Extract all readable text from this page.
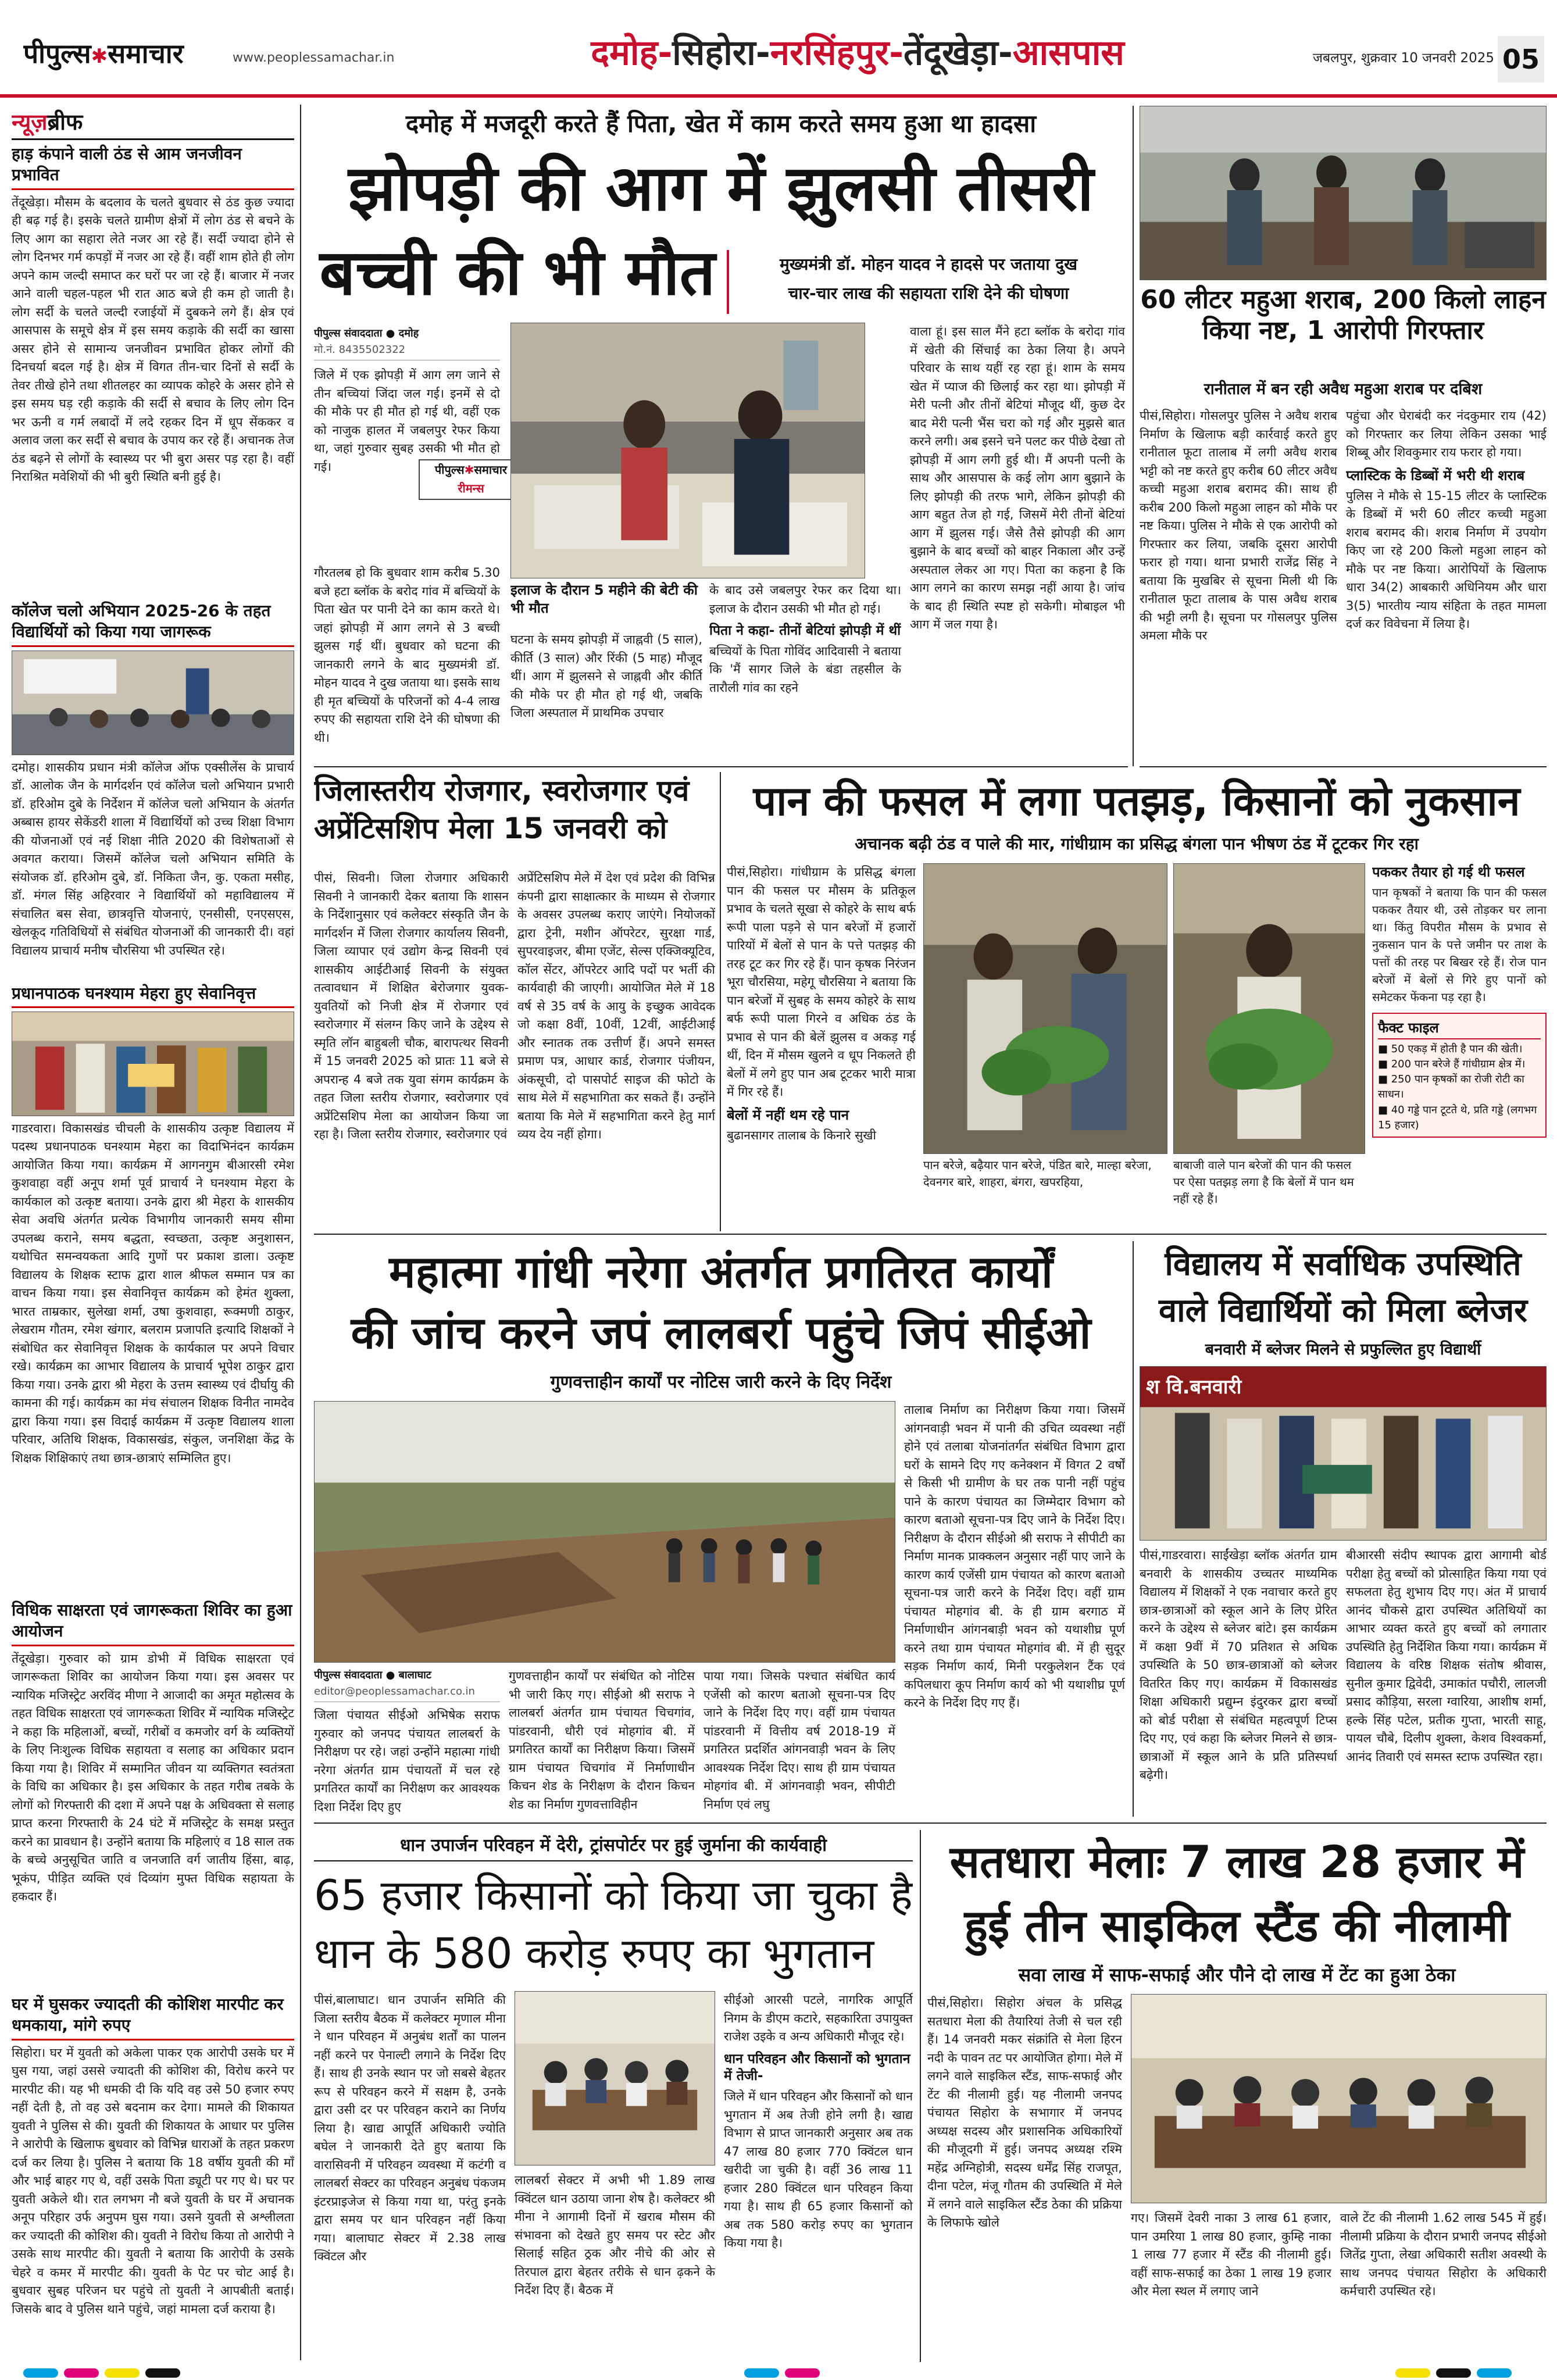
पीपुल्स✱समाचार	www.peoplessamachar.in	दमोह-सिहोरा-नरसिंहपुर-तेंदूखेड़ा-आसपास	जबलपुर, शुक्रवार 10 जनवरी 2025 05
न्यूज़ब्रीफ
हाड़ कंपाने वाली ठंड से आम जनजीवन प्रभावित
तेंदूखेड़ा। मौसम के बदलाव के चलते बुधवार से ठंड कुछ ज्यादा ही बढ़ गई है। इसके चलते ग्रामीण क्षेत्रों में लोग ठंड से बचने के लिए आग का सहारा लेते नजर आ रहे हैं। सर्दी ज्यादा होने से लोग दिनभर गर्म कपड़ों में नजर आ रहे हैं। वहीं शाम होते ही लोग अपने काम जल्दी समाप्त कर घरों पर जा रहे हैं। बाजार में नजर आने वाली चहल-पहल भी रात आठ बजे ही कम हो जाती है। लोग सर्दी के चलते जल्दी रजाईयों में दुबकने लगे हैं। क्षेत्र एवं आसपास के समूचे क्षेत्र में इस समय कड़ाके की सर्दी का खासा असर होने से सामान्य जनजीवन प्रभावित होकर लोगों की दिनचर्या बदल गई है। क्षेत्र में विगत तीन-चार दिनों से सर्दी के तेवर तीखे होने तथा शीतलहर का व्यापक कोहरे के असर होने से इस समय घड़ रही कड़ाके की सर्दी से बचाव के लिए लोग दिन भर ऊनी व गर्म लबादों में लदे रहकर दिन में धूप सेंककर व अलाव जला कर सर्दी से बचाव के उपाय कर रहे हैं। अचानक तेज ठंड बढ़ने से लोगों के स्वास्थ्य पर भी बुरा असर पड़ रहा है। वहीं निराश्रित मवेशियों की भी बुरी स्थिति बनी हुई है।
कॉलेज चलो अभियान 2025-26 के तहत विद्यार्थियों को किया गया जागरूक
दमोह। शासकीय प्रधान मंत्री कॉलेज ऑफ एक्सीलेंस के प्राचार्य डॉ. आलोक जैन के मार्गदर्शन एवं कॉलेज चलो अभियान प्रभारी डॉ. हरिओम दुबे के निर्देशन में कॉलेज चलो अभियान के अंतर्गत अब्बास हायर सेकेंडरी शाला में विद्यार्थियों को उच्च शिक्षा विभाग की योजनाओं एवं नई शिक्षा नीति 2020 की विशेषताओं से अवगत कराया। जिसमें कॉलेज चलो अभियान समिति के संयोजक डॉ. हरिओम दुबे, डॉ. निकिता जैन, कु. एकता मसीह, डॉ. मंगल सिंह अहिरवार ने विद्यार्थियों को महाविद्यालय में संचालित बस सेवा, छात्रवृत्ति योजनाएं, एनसीसी, एनएसएस, खेलकूद गतिविधियों से संबंधित योजनाओं की जानकारी दी। वहां विद्यालय प्राचार्य मनीष चौरसिया भी उपस्थित रहे।
प्रधानपाठक घनश्याम मेहरा हुए सेवानिवृत्त
गाडरवारा। विकासखंड चीचली के शासकीय उत्कृष्ट विद्यालय में पदस्थ प्रधानपाठक घनश्याम मेहरा का विदाभिनंदन कार्यक्रम आयोजित किया गया। कार्यक्रम में आगनगुम बीआरसी रमेश कुशवाहा वहीं अनूप शर्मा पूर्व प्राचार्य ने घनश्याम मेहरा के कार्यकाल को उत्कृष्ट बताया। उनके द्वारा श्री मेहरा के शासकीय सेवा अवधि अंतर्गत प्रत्येक विभागीय जानकारी समय सीमा उपलब्ध कराने, समय बद्धता, स्वच्छता, उत्कृष्ट अनुशासन, यथोचित समन्वयकता आदि गुणों पर प्रकाश डाला। उत्कृष्ट विद्यालय के शिक्षक स्टाफ द्वारा शाल श्रीफल सम्मान पत्र का वाचन किया गया। इस सेवानिवृत्त कार्यक्रम को हेमंत शुक्ला, भारत ताम्रकार, सुलेखा शर्मा, उषा कुशवाहा, रूक्मणी ठाकुर, लेखराम गौतम, रमेश खंगार, बलराम प्रजापति इत्यादि शिक्षकों ने संबोधित कर सेवानिवृत्त शिक्षक के कार्यकाल पर अपने विचार रखे। कार्यक्रम का आभार विद्यालय के प्राचार्य भूपेश ठाकुर द्वारा किया गया। उनके द्वारा श्री मेहरा के उत्तम स्वास्थ्य एवं दीर्घायु की कामना की गई। कार्यक्रम का मंच संचालन शिक्षक विनीत नामदेव द्वारा किया गया। इस विदाई कार्यक्रम में उत्कृष्ट विद्यालय शाला परिवार, अतिथि शिक्षक, विकासखंड, संकुल, जनशिक्षा केंद्र के शिक्षक शिक्षिकाएं तथा छात्र-छात्राएं सम्मिलित हुए।
विधिक साक्षरता एवं जागरूकता शिविर का हुआ आयोजन
तेंदूखेड़ा। गुरुवार को ग्राम डोभी में विधिक साक्षरता एवं जागरूकता शिविर का आयोजन किया गया। इस अवसर पर न्यायिक मजिस्ट्रेट अरविंद मीणा ने आजादी का अमृत महोत्सव के तहत विधिक साक्षरता एवं जागरूकता शिविर में न्यायिक मजिस्ट्रेट ने कहा कि महिलाओं, बच्चों, गरीबों व कमजोर वर्ग के व्यक्तियों के लिए निःशुल्क विधिक सहायता व सलाह का अधिकार प्रदान किया गया है। शिविर में सम्मानित जीवन या व्यक्तिगत स्वतंत्रता के विधि का अधिकार है। इस अधिकार के तहत गरीब तबके के लोगों को गिरफ्तारी की दशा में अपने पक्ष के अधिवक्ता से सलाह प्राप्त करना गिरफ्तारी के 24 घंटे में मजिस्ट्रेट के समक्ष प्रस्तुत करने का प्रावधान है। उन्होंने बताया कि महिलाएं व 18 साल तक के बच्चे अनुसूचित जाति व जनजाति वर्ग जातीय हिंसा, बाढ़, भूकंप, पीड़ित व्यक्ति एवं दिव्यांग मुफ्त विधिक सहायता के हकदार हैं।
घर में घुसकर ज्यादती की कोशिश मारपीट कर धमकाया, मांगे रुपए
सिहोरा। घर में युवती को अकेला पाकर एक आरोपी उसके घर में घुस गया, जहां उससे ज्यादती की कोशिश की, विरोध करने पर मारपीट की। यह भी धमकी दी कि यदि वह उसे 50 हजार रुपए नहीं देती है, तो वह उसे बदनाम कर देगा। मामले की शिकायत युवती ने पुलिस से की। युवती की शिकायत के आधार पर पुलिस ने आरोपी के खिलाफ बुधवार को विभिन्न धाराओं के तहत प्रकरण दर्ज कर लिया है। पुलिस ने बताया कि 18 वर्षीय युवती की माँ और भाई बाहर गए थे, वहीं उसके पिता ड्यूटी पर गए थे। घर पर युवती अकेले थी। रात लगभग नौ बजे युवती के घर में अचानक अनूप परिहार उर्फ अनुपम घुस गया। उसने युवती से अश्लीलता कर ज्यादती की कोशिश की। युवती ने विरोध किया तो आरोपी ने उसके साथ मारपीट की। युवती ने बताया कि आरोपी के उसके चेहरे व कमर में मारपीट की। युवती के पेट पर चोट आई है। बुधवार सुबह परिजन घर पहुंचे तो युवती ने आपबीती बताई। जिसके बाद वे पुलिस थाने पहुंचे, जहां मामला दर्ज कराया है।
दमोह में मजदूरी करते हैं पिता, खेत में काम करते समय हुआ था हादसा
झोपड़ी की आग में झुलसी तीसरी
बच्ची की भी मौत	मुख्यमंत्री डॉ. मोहन यादव ने हादसे पर जताया दुख
चार-चार लाख की सहायता राशि देने की घोषणा
पीपुल्स संवाददाता ● दमोह
मो.नं. 8435502322
जिले में एक झोपड़ी में आग लग जाने से तीन बच्चियां जिंदा जल गई। इनमें से दो की मौके पर ही मौत हो गई थी, वहीं एक को नाजुक हालत में जबलपुर रेफर किया था, जहां गुरुवार सुबह उसकी भी मौत हो गई।	पीपुल्स✱समाचार
रीमन्स
गौरतलब हो कि बुधवार शाम करीब 5.30 बजे हटा ब्लॉक के बरोद गांव में बच्चियों के पिता खेत पर पानी देने का काम करते थे। जहां झोपड़ी में आग लगने से 3 बच्ची झुलस गई थीं। बुधवार को घटना की जानकारी लगने के बाद मुख्यमंत्री डॉ. मोहन यादव ने दुख जताया था। इसके साथ ही मृत बच्चियों के परिजनों को 4-4 लाख रुपए की सहायता राशि देने की घोषणा की थी।
इलाज के दौरान 5 महीने की बेटी की भी मौत
घटना के समय झोपड़ी में जाह्नवी (5 साल), कीर्ति (3 साल) और रिंकी (5 माह) मौजूद थीं। आग में झुलसने से जाह्नवी और कीर्ति की मौके पर ही मौत हो गई थी, जबकि जिला अस्पताल में प्राथमिक उपचार
के बाद उसे जबलपुर रेफर कर दिया था। इलाज के दौरान उसकी भी मौत हो गई।
पिता ने कहा- तीनों बेटियां झोपड़ी में थीं
बच्चियों के पिता गोविंद आदिवासी ने बताया कि 'मैं सागर जिले के बंडा तहसील के तारौली गांव का रहने
वाला हूं। इस साल मैंने हटा ब्लॉक के बरोदा गांव में खेती की सिंचाई का ठेका लिया है। अपने परिवार के साथ यहीं रह रहा हूं। शाम के समय खेत में प्याज की छिलाई कर रहा था। झोपड़ी में मेरी पत्नी और तीनों बेटियां मौजूद थीं, कुछ देर बाद मेरी पत्नी भैंस चरा को गई और मुझसे बात करने लगी। अब इसने चने पलट कर पीछे देखा तो झोपड़ी में आग लगी हुई थी। मैं अपनी पत्नी के साथ और आसपास के कई लोग आग बुझाने के लिए झोपड़ी की तरफ भागे, लेकिन झोपड़ी की आग बहुत तेज हो गई, जिसमें मेरी तीनों बेटियां आग में झुलस गई। जैसे तैसे झोपड़ी की आग बुझाने के बाद बच्चों को बाहर निकाला और उन्हें अस्पताल लेकर आ गए। पिता का कहना है कि आग लगने का कारण समझ नहीं आया है। जांच के बाद ही स्थिति स्पष्ट हो सकेगी। मोबाइल भी आग में जल गया है।
60 लीटर महुआ शराब, 200 किलो लाहन किया नष्ट, 1 आरोपी गिरफ्तार
रानीताल में बन रही अवैध महुआ शराब पर दबिश
पीसं,सिहोरा। गोसलपुर पुलिस ने अवैध शराब निर्माण के खिलाफ बड़ी कार्रवाई करते हुए रानीताल फूटा तालाब में लगी अवैध शराब भट्टी को नष्ट करते हुए करीब 60 लीटर अवैध कच्ची महुआ शराब बरामद की। साथ ही करीब 200 किलो महुआ लाहन को मौके पर नष्ट किया। पुलिस ने मौके से एक आरोपी को गिरफ्तार कर लिया, जबकि दूसरा आरोपी फरार हो गया। थाना प्रभारी राजेंद्र सिंह ने बताया कि मुखबिर से सूचना मिली थी कि रानीताल फूटा तालाब के पास अवैध शराब की भट्टी लगी है। सूचना पर गोसलपुर पुलिस अमला मौके पर
पहुंचा और घेराबंदी कर नंदकुमार राय (42) को गिरफ्तार कर लिया लेकिन उसका भाई शिब्बू और शिवकुमार राय फरार हो गया।
प्लास्टिक के डिब्बों में भरी थी शराब
पुलिस ने मौके से 15-15 लीटर के प्लास्टिक के डिब्बों में भरी 60 लीटर कच्ची महुआ शराब बरामद की। शराब निर्माण में उपयोग किए जा रहे 200 किलो महुआ लाहन को मौके पर नष्ट किया। आरोपियों के खिलाफ धारा 34(2) आबकारी अधिनियम और धारा 3(5) भारतीय न्याय संहिता के तहत मामला दर्ज कर विवेचना में लिया है।
जिलास्तरीय रोजगार, स्वरोजगार एवं अप्रेंटिसशिप मेला 15 जनवरी को
पीसं, सिवनी। जिला रोजगार अधिकारी सिवनी ने जानकारी देकर बताया कि शासन के निर्देशानुसार एवं कलेक्टर संस्कृति जैन के मार्गदर्शन में जिला रोजगार कार्यालय सिवनी, जिला व्यापार एवं उद्योग केन्द्र सिवनी एवं शासकीय आईटीआई सिवनी के संयुक्त तत्वावधान में शिक्षित बेरोजगार युवक-युवतियों को निजी क्षेत्र में रोजगार एवं स्वरोजगार में संलग्न किए जाने के उद्देश्य से स्मृति लॉन बाहुबली चौक, बारापत्थर सिवनी में 15 जनवरी 2025 को प्रातः 11 बजे से अपरान्ह 4 बजे तक युवा संगम कार्यक्रम के तहत जिला स्तरीय रोजगार, स्वरोजगार एवं अप्रेंटिसशिप मेला का आयोजन किया जा रहा है। जिला स्तरीय रोजगार, स्वरोजगार एवं
अप्रेंटिसशिप मेले में देश एवं प्रदेश की विभिन्न कंपनी द्वारा साक्षात्कार के माध्यम से रोजगार के अवसर उपलब्ध कराए जाएंगे। नियोजकों द्वारा ट्रेनी, मशीन ऑपरेटर, सुरक्षा गार्ड, सुपरवाइजर, बीमा एजेंट, सेल्स एक्जिक्यूटिव, कॉल सेंटर, ऑपरेटर आदि पदों पर भर्ती की कार्यवाही की जाएगी। आयोजित मेले में 18 वर्ष से 35 वर्ष के आयु के इच्छुक आवेदक जो कक्षा 8वीं, 10वीं, 12वीं, आईटीआई और स्नातक तक उत्तीर्ण हैं। अपने समस्त प्रमाण पत्र, आधार कार्ड, रोजगार पंजीयन, अंकसूची, दो पासपोर्ट साइज की फोटो के साथ मेले में सहभागिता कर सकते हैं। उन्होंने बताया कि मेले में सहभागिता करने हेतु मार्ग व्यय देय नहीं होगा।
पान की फसल में लगा पतझड़, किसानों को नुकसान
अचानक बढ़ी ठंड व पाले की मार, गांधीग्राम का प्रसिद्ध बंगला पान भीषण ठंड में टूटकर गिर रहा
पीसं,सिहोरा। गांधीग्राम के प्रसिद्ध बंगला पान की फसल पर मौसम के प्रतिकूल प्रभाव के चलते सूखा से कोहरे के साथ बर्फ रूपी पाला पड़ने से पान बरेजों में हजारों पारियों में बेलों से पान के पत्ते पतझड़ की तरह टूट कर गिर रहे हैं। पान कृषक निरंजन भूरा चौरसिया, महेगू चौरसिया ने बताया कि पान बरेजों में सुबह के समय कोहरे के साथ बर्फ रूपी पाला गिरने व अधिक ठंड के प्रभाव से पान की बेलें झुलस व अकड़ गई थीं, दिन में मौसम खुलने व धूप निकलते ही बेलों में लगे हुए पान अब टूटकर भारी मात्रा में गिर रहे हैं।
बेलों में नहीं थम रहे पान
बुढानसागर तालाब के किनारे सुखी
पान बरेजे, बढ़ैयार पान बरेजे, पंडित बारे, माल्हा बरेजा, देवनगर बारे, शाहरा, बंगरा, खपरहिया,
बाबाजी वाले पान बरेजों की पान की फसल पर ऐसा पतझड़ लगा है कि बेलों में पान थम नहीं रहे हैं।
पककर तैयार हो गई थी फसल
पान कृषकों ने बताया कि पान की फसल पककर तैयार थी, उसे तोड़कर घर लाना था। किंतु विपरीत मौसम के प्रभाव से नुकसान पान के पत्ते जमीन पर ताश के पत्तों की तरह पर बिखर रहे हैं। रोज पान बरेजों में बेलों से गिरे हुए पानों को समेटकर फेंकना पड़ रहा है।
फैक्ट फाइल
■ 50 एकड़ में होती है पान की खेती।
■ 200 पान बरेजे हैं गांधीग्राम क्षेत्र में।
■ 250 पान कृषकों का रोजी रोटी का साधन।
■ 40 गड्डे पान टूटते थे, प्रति गड्डे (लगभग 15 हजार)
महात्मा गांधी नरेगा अंतर्गत प्रगतिरत कार्यों
की जांच करने जपं लालबर्रा पहुंचे जिपं सीईओ
गुणवत्ताहीन कार्यों पर नोटिस जारी करने के दिए निर्देश
पीपुल्स संवाददाता ● बालाघाट
editor@peoplessamachar.co.in
जिला पंचायत सीईओ अभिषेक सराफ गुरुवार को जनपद पंचायत लालबर्रा के निरीक्षण पर रहे। जहां उन्होंने महात्मा गांधी नरेगा अंतर्गत ग्राम पंचायतों में चल रहे प्रगतिरत कार्यों का निरीक्षण कर आवश्यक दिशा निर्देश दिए हुए
गुणवत्ताहीन कार्यों पर संबंधित को नोटिस भी जारी किए गए। सीईओ श्री सराफ ने लालबर्रा अंतर्गत ग्राम पंचायत चिचगांव, पांडरवानी, धौरी एवं मोहगांव बी. में प्रगतिरत कार्यों का निरीक्षण किया। जिसमें ग्राम पंचायत चिचगांव में निर्माणाधीन किचन शेड के निरीक्षण के दौरान किचन शेड का निर्माण गुणवत्ताविहीन
पाया गया। जिसके पश्चात संबंधित कार्य एजेंसी को कारण बताओ सूचना-पत्र दिए जाने के निर्देश दिए गए। वहीं ग्राम पंचायत पांडरवानी में वित्तीय वर्ष 2018-19 में प्रगतिरत प्रदर्शित आंगनवाड़ी भवन के लिए आवश्यक निर्देश दिए। साथ ही ग्राम पंचायत मोहगांव बी. में आंगनवाड़ी भवन, सीपीटी निर्माण एवं लघु
तालाब निर्माण का निरीक्षण किया गया। जिसमें आंगनवाड़ी भवन में पानी की उचित व्यवस्था नहीं होने एवं तलाबा योजनांतर्गत संबंधित विभाग द्वारा घरों के सामने दिए गए कनेक्शन में विगत 2 वर्षों से किसी भी ग्रामीण के घर तक पानी नहीं पहुंच पाने के कारण पंचायत का जिम्मेदार विभाग को कारण बताओ सूचना-पत्र दिए जाने के निर्देश दिए। निरीक्षण के दौरान सीईओ श्री सराफ ने सीपीटी का निर्माण मानक प्राक्कलन अनुसार नहीं पाए जाने के कारण कार्य एजेंसी ग्राम पंचायत को कारण बताओ सूचना-पत्र जारी करने के निर्देश दिए। वहीं ग्राम पंचायत मोहगांव बी. के ही ग्राम बरगाठ में निर्माणाधीन आंगनबाड़ी भवन को यथाशीघ्र पूर्ण करने तथा ग्राम पंचायत मोहगांव बी. में ही सुदूर सड़क निर्माण कार्य, मिनी परकुलेशन टैंक एवं कपिलधारा कूप निर्माण कार्य को भी यथाशीघ्र पूर्ण करने के निर्देश दिए गए हैं।
विद्यालय में सर्वाधिक उपस्थिति
वाले विद्यार्थियों को मिला ब्लेजर
बनवारी में ब्लेजर मिलने से प्रफुल्लित हुए विद्यार्थी
श वि.बनवारी
पीसं,गाडरवारा। साईंखेड़ा ब्लॉक अंतर्गत ग्राम बनवारी के शासकीय उच्चतर माध्यमिक विद्यालय में शिक्षकों ने एक नवाचार करते हुए छात्र-छात्राओं को स्कूल आने के लिए प्रेरित करने के उद्देश्य से ब्लेजर बांटे। इस कार्यक्रम में कक्षा 9वीं में 70 प्रतिशत से अधिक उपस्थिति के 50 छात्र-छात्राओं को ब्लेजर वितरित किए गए। कार्यक्रम में विकासखंड शिक्षा अधिकारी प्रद्युम्न इंदुरकर द्वारा बच्चों को बोर्ड परीक्षा से संबंधित महत्वपूर्ण टिप्स दिए गए, एवं कहा कि ब्लेजर मिलने से छात्र-छात्राओं में स्कूल आने के प्रति प्रतिस्पर्धा बढ़ेगी।
बीआरसी संदीप स्थापक द्वारा आगामी बोर्ड परीक्षा हेतु बच्चों को प्रोत्साहित किया गया एवं सफलता हेतु शुभाय दिए गए। अंत में प्राचार्य आनंद चौकसे द्वारा उपस्थित अतिथियों का आभार व्यक्त करते हुए बच्चों को लगातार उपस्थिति हेतु निर्देशित किया गया। कार्यक्रम में विद्यालय के वरिष्ठ शिक्षक संतोष श्रीवास, सुनील कुमार द्विवेदी, उमाकांत पचौरी, लालजी प्रसाद कौड़िया, सरला ग्वारिया, आशीष शर्मा, हल्के सिंह पटेल, प्रतीक गुप्ता, भारती साहू, पायल चौबे, दिलीप शुक्ला, केशव विश्वकर्मा, आनंद तिवारी एवं समस्त स्टाफ उपस्थित रहा।
धान उपार्जन परिवहन में देरी, ट्रांसपोर्टर पर हुई जुर्माना की कार्यवाही
65 हजार किसानों को किया जा चुका है
धान के 580 करोड़ रुपए का भुगतान
पीसं,बालाघाट। धान उपार्जन समिति की जिला स्तरीय बैठक में कलेक्टर मृणाल मीना ने धान परिवहन में अनुबंध शर्तों का पालन नहीं करने पर पेनाल्टी लगाने के निर्देश दिए हैं। साथ ही उनके स्थान पर जो सबसे बेहतर रूप से परिवहन करने में सक्षम है, उनके द्वारा उसी दर पर परिवहन कराने का निर्णय लिया है। खाद्य आपूर्ति अधिकारी ज्योति बघेल ने जानकारी देते हुए बताया कि वारासिवनी में परिवहन व्यवस्था में कटंगी व लालबर्रा सेक्टर का परिवहन अनुबंध पंकजम इंटरप्राइजेज से किया गया था, परंतु इनके द्वारा समय पर धान परिवहन नहीं किया गया। बालाघाट सेक्टर में 2.38 लाख क्विंटल और
लालबर्रा सेक्टर में अभी भी 1.89 लाख क्विंटल धान उठाया जाना शेष है। कलेक्टर श्री मीना ने आगामी दिनों में खराब मौसम की संभावना को देखते हुए समय पर स्टेट और सिलाई सहित ठ्रक और नीचे की ओर से तिरपाल द्वारा बेहतर तरीके से धान ढ़कने के निर्देश दिए हैं। बैठक में
सीईओ आरसी पटले, नागरिक आपूर्ति निगम के डीएम कटारे, सहकारिता उपायुक्त राजेश उइके व अन्य अधिकारी मौजूद रहे।
धान परिवहन और किसानों को भुगतान में तेजी-
जिले में धान परिवहन और किसानों को धान भुगतान में अब तेजी होने लगी है। खाद्य विभाग से प्राप्त जानकारी अनुसार अब तक 47 लाख 80 हजार 770 क्विंटल धान खरीदी जा चुकी है। वहीं 36 लाख 11 हजार 280 क्विंटल धान परिवहन किया गया है। साथ ही 65 हजार किसानों को अब तक 580 करोड़ रुपए का भुगतान किया गया है।
सतधारा मेलाः 7 लाख 28 हजार में
हुई तीन साइकिल स्टैंड की नीलामी
सवा लाख में साफ-सफाई और पौने दो लाख में टेंट का हुआ ठेका
पीसं,सिहोरा। सिहोरा अंचल के प्रसिद्ध सतधारा मेला की तैयारियां तेजी से चल रही हैं। 14 जनवरी मकर संक्रांति से मेला हिरन नदी के पावन तट पर आयोजित होगा। मेले में लगने वाले साइकिल स्टैंड, साफ-सफाई और टेंट की नीलामी हुई। यह नीलामी जनपद पंचायत सिहोरा के सभागार में जनपद अध्यक्ष सदस्य और प्रशासनिक अधिकारियों की मौजूदगी में हुई। जनपद अध्यक्ष रश्मि महेंद्र अग्निहोत्री, सदस्य धर्मेंद्र सिंह राजपूत, दीना पटेल, मंजू गौतम की उपस्थिति में मेले में लगने वाले साइकिल स्टैंड ठेका की प्रक्रिया के लिफाफे खोले	गए। जिसमें देवरी नाका 3 लाख 61 हजार, पान उमरिया 1 लाख 80 हजार, कुम्हि नाका 1 लाख 77 हजार में स्टैंड की नीलामी हुई। वहीं साफ-सफाई का ठेका 1 लाख 19 हजार और मेला स्थल में लगाए जाने
वाले टेंट की नीलामी 1.62 लाख 545 में हुई। नीलामी प्रक्रिया के दौरान प्रभारी जनपद सीईओ जितेंद्र गुप्ता, लेखा अधिकारी सतीश अवस्थी के साथ जनपद पंचायत सिहोरा के अधिकारी कर्मचारी उपस्थित रहे।
